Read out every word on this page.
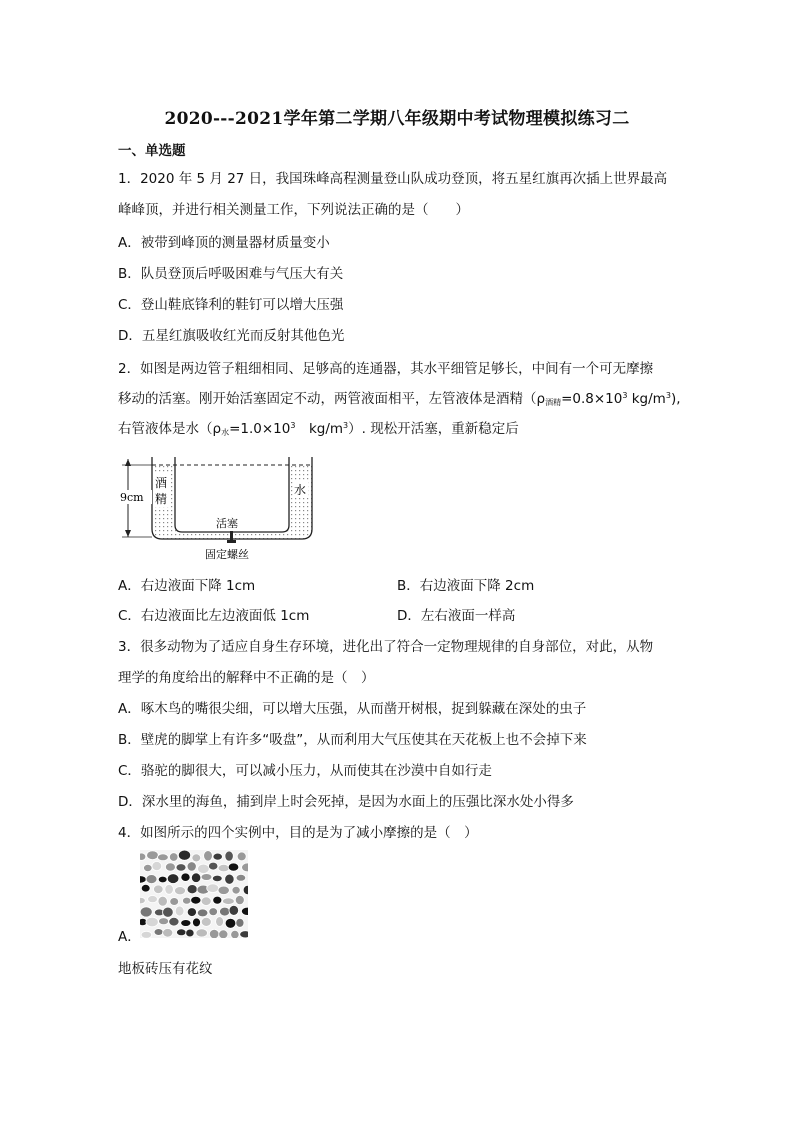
2020---2021学年第二学期八年级期中考试物理模拟练习二
一、单选题
1．2020 年 5 月 27 日，我国珠峰高程测量登山队成功登顶，将五星红旗再次插上世界最高
峰峰顶，并进行相关测量工作，下列说法正确的是（　　）
A．被带到峰顶的测量器材质量变小
B．队员登顶后呼吸困难与气压大有关
C．登山鞋底锋利的鞋钉可以增大压强
D．五星红旗吸收红光而反射其他色光
2．如图是两边管子粗细相同、足够高的连通器，其水平细管足够长，中间有一个可无摩擦
移动的活塞。刚开始活塞固定不动，两管液面相平，左管液体是酒精（$\rho_{酒精}=0.8\times 10^3$ $kg/m^3$),
右管液体是水（$\rho_水=1.0\times 10^3$　$kg/m^3$）. 现松开活塞，重新稳定后
9cm
酒
精
水
活塞
固定螺丝
A．右边液面下降 1cm	B．右边液面下降 2cm
C．右边液面比左边液面低 1cm	D．左右液面一样高
3．很多动物为了适应自身生存环境，进化出了符合一定物理规律的自身部位，对此，从物
理学的角度给出的解释中不正确的是（　）
A．啄木鸟的嘴很尖细，可以增大压强，从而凿开树根，捉到躲藏在深处的虫子
B．壁虎的脚掌上有许多“吸盘”，从而利用大气压使其在天花板上也不会掉下来
C．骆驼的脚很大，可以减小压力，从而使其在沙漠中自如行走
D．深水里的海鱼，捕到岸上时会死掉，是因为水面上的压强比深水处小得多
4．如图所示的四个实例中，目的是为了减小摩擦的是（　）
A．
地板砖压有花纹
